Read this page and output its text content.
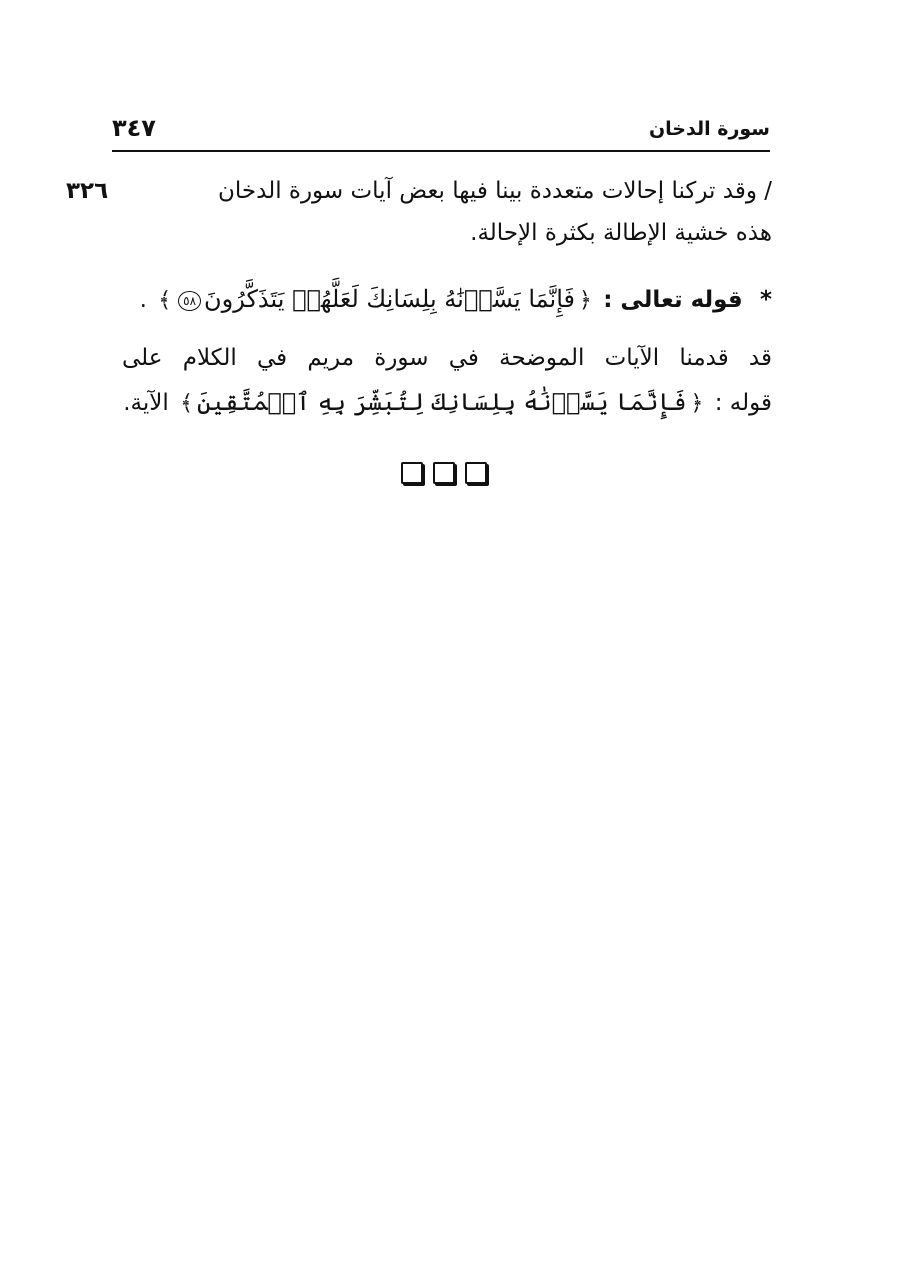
سورة الدخان
٣٤٧
/ وقد تركنا إحالات متعددة بينا فيها بعض آيات سورة الدخان
٣٢٦
هذه خشية الإطالة بكثرة الإحالة.
* قوله تعالى : ﴿فَإِنَّمَا يَسَّرۡنَٰهُ بِلِسَانِكَ لَعَلَّهُمۡ يَتَذَكَّرُونَ٥٨﴾ .
قد قدمنا الآيات الموضحة في سورة مريم في الكلام على
قوله : ﴿فَإِنَّمَا يَسَّرۡنَٰهُ بِلِسَانِكَ لِتُبَشِّرَ بِهِ ٱلۡمُتَّقِينَ﴾ الآية.
